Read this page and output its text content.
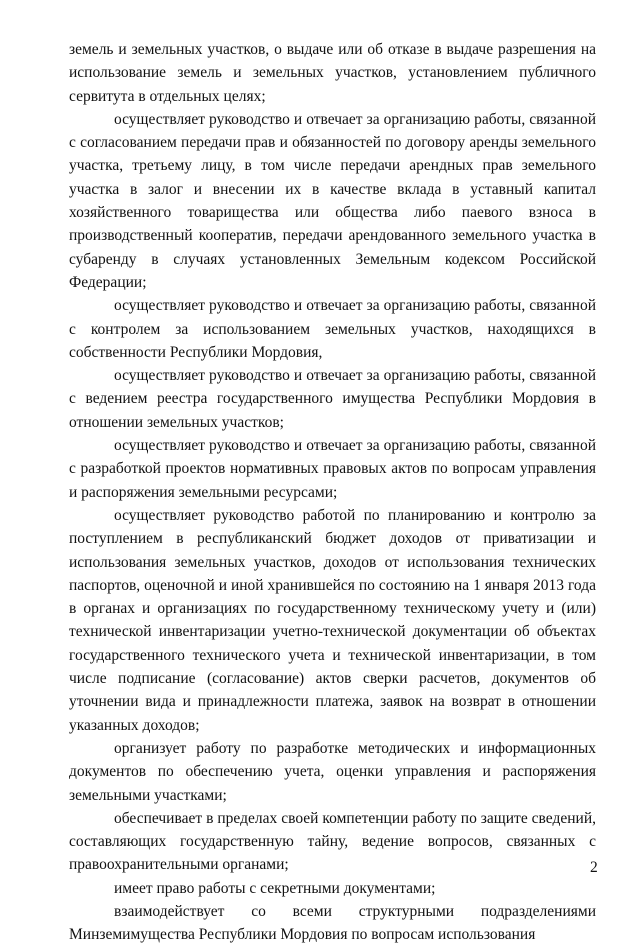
земель и земельных участков, о выдаче или об отказе в выдаче разрешения на использование земель и земельных участков, установлением публичного сервитута в отдельных целях;

осуществляет руководство и отвечает за организацию работы, связанной с согласованием передачи прав и обязанностей по договору аренды земельного участка, третьему лицу, в том числе передачи арендных прав земельного участка в залог и внесении их в качестве вклада в уставный капитал хозяйственного товарищества или общества либо паевого взноса в производственный кооператив, передачи арендованного земельного участка в субаренду в случаях установленных Земельным кодексом Российской Федерации;

осуществляет руководство и отвечает за организацию работы, связанной с контролем за использованием земельных участков, находящихся в собственности Республики Мордовия,

осуществляет руководство и отвечает за организацию работы, связанной с ведением реестра государственного имущества Республики Мордовия в отношении земельных участков;

осуществляет руководство и отвечает за организацию работы, связанной с разработкой проектов нормативных правовых актов по вопросам управления и распоряжения земельными ресурсами;

осуществляет руководство работой по планированию и контролю за поступлением в республиканский бюджет доходов от приватизации и использования земельных участков, доходов от использования технических паспортов, оценочной и иной хранившейся по состоянию на 1 января 2013 года в органах и организациях по государственному техническому учету и (или) технической инвентаризации учетно-технической документации об объектах государственного технического учета и технической инвентаризации, в том числе подписание (согласование) актов сверки расчетов, документов об уточнении вида и принадлежности платежа, заявок на возврат в отношении указанных доходов;

организует работу по разработке методических и информационных документов по обеспечению учета, оценки управления и распоряжения земельными участками;

обеспечивает в пределах своей компетенции работу по защите сведений, составляющих государственную тайну, ведение вопросов, связанных с правоохранительными органами;

имеет право работы с секретными документами;

взаимодействует со всеми структурными подразделениями Минземимущества Республики Мордовия по вопросам использования

2
